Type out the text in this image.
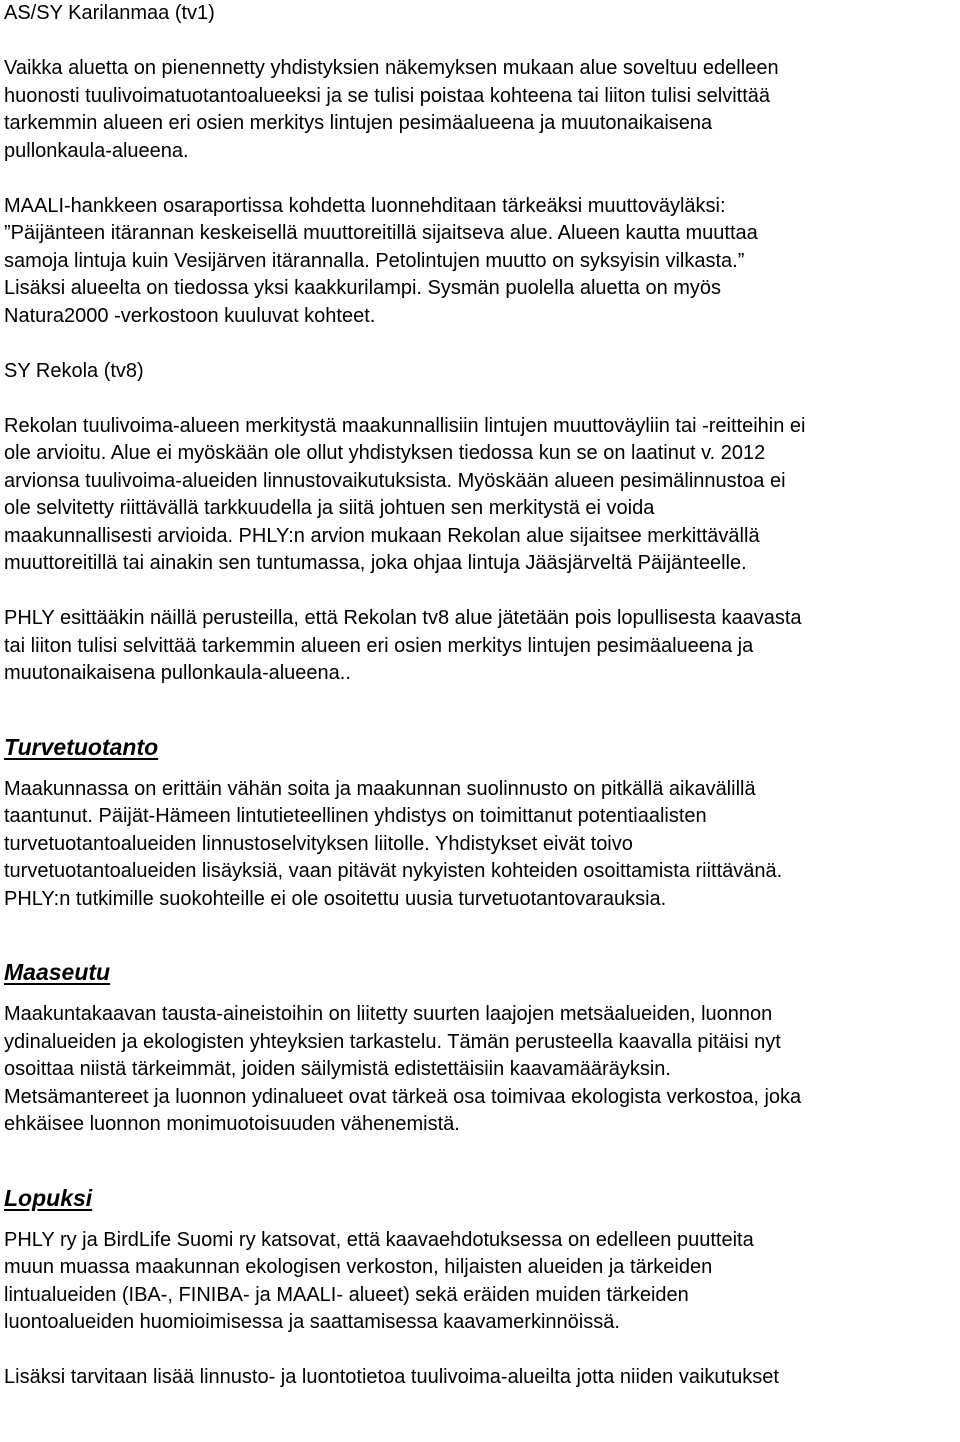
AS/SY Karilanmaa (tv1)

Vaikka aluetta on pienennetty yhdistyksien näkemyksen mukaan alue soveltuu edelleen

huonosti tuulivoimatuotantoalueeksi ja se tulisi poistaa kohteena tai liiton tulisi selvittää

tarkemmin alueen eri osien merkitys lintujen pesimäalueena ja muutonaikaisena

pullonkaula-alueena.

MAALI-hankkeen osaraportissa kohdetta luonnehditaan tärkeäksi muuttoväyläksi:

”Päijänteen itärannan keskeisellä muuttoreitillä sijaitseva alue. Alueen kautta muuttaa

samoja lintuja kuin Vesijärven itärannalla. Petolintujen muutto on syksyisin vilkasta.”

Lisäksi alueelta on tiedossa yksi kaakkurilampi. Sysmän puolella aluetta on myös

Natura2000 -verkostoon kuuluvat kohteet.

SY Rekola (tv8)

Rekolan tuulivoima-alueen merkitystä maakunnallisiin lintujen muuttoväyliin tai -reitteihin ei

ole arvioitu. Alue ei myöskään ole ollut yhdistyksen tiedossa kun se on laatinut v. 2012

arvionsa tuulivoima-alueiden linnustovaikutuksista. Myöskään alueen pesimälinnustoa ei

ole selvitetty riittävällä tarkkuudella ja siitä johtuen sen merkitystä ei voida

maakunnallisesti arvioida. PHLY:n arvion mukaan Rekolan alue sijaitsee merkittävällä

muuttoreitillä tai ainakin sen tuntumassa, joka ohjaa lintuja Jääsjärveltä Päijänteelle.

PHLY esittääkin näillä perusteilla, että Rekolan tv8 alue jätetään pois lopullisesta kaavasta

tai liiton tulisi selvittää tarkemmin alueen eri osien merkitys lintujen pesimäalueena ja

muutonaikaisena pullonkaula-alueena..

Turvetuotanto

Maakunnassa on erittäin vähän soita ja maakunnan suolinnusto on pitkällä aikavälillä

taantunut. Päijät-Hämeen lintutieteellinen yhdistys on toimittanut potentiaalisten

turvetuotantoalueiden linnustoselvityksen liitolle. Yhdistykset eivät toivo

turvetuotantoalueiden lisäyksiä, vaan pitävät nykyisten kohteiden osoittamista riittävänä.

PHLY:n tutkimille suokohteille ei ole osoitettu uusia turvetuotantovarauksia.

Maaseutu

Maakuntakaavan tausta-aineistoihin on liitetty suurten laajojen metsäalueiden, luonnon

ydinalueiden ja ekologisten yhteyksien tarkastelu. Tämän perusteella kaavalla pitäisi nyt

osoittaa niistä tärkeimmät, joiden säilymistä edistettäisiin kaavamääräyksin.

Metsämantereet ja luonnon ydinalueet ovat tärkeä osa toimivaa ekologista verkostoa, joka

ehkäisee luonnon monimuotoisuuden vähenemistä.

Lopuksi

PHLY ry ja BirdLife Suomi ry katsovat, että kaavaehdotuksessa on edelleen puutteita

muun muassa maakunnan ekologisen verkoston, hiljaisten alueiden ja tärkeiden

lintualueiden (IBA-, FINIBA- ja MAALI- alueet) sekä eräiden muiden tärkeiden

luontoalueiden huomioimisessa ja saattamisessa kaavamerkinnöissä.

Lisäksi tarvitaan lisää linnusto- ja luontotietoa tuulivoima-alueilta jotta niiden vaikutukset
